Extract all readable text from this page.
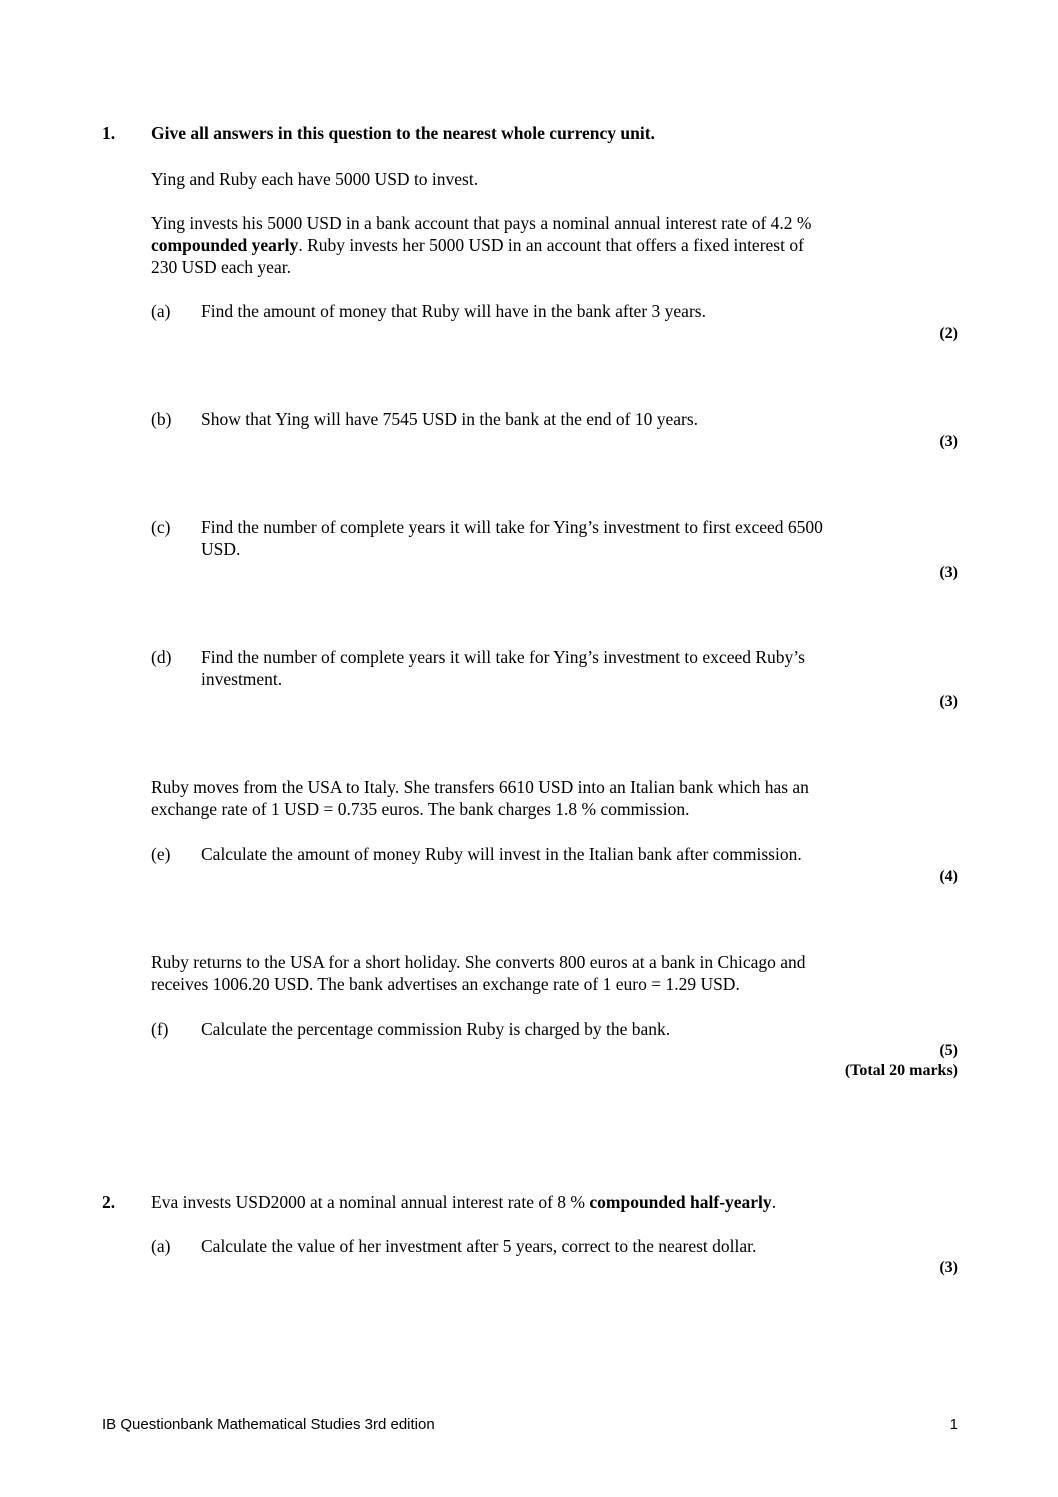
1. Give all answers in this question to the nearest whole currency unit.
Ying and Ruby each have 5000 USD to invest.
Ying invests his 5000 USD in a bank account that pays a nominal annual interest rate of 4.2 %
compounded yearly. Ruby invests her 5000 USD in an account that offers a fixed interest of
230 USD each year.
(a) Find the amount of money that Ruby will have in the bank after 3 years.
(2)
(b) Show that Ying will have 7545 USD in the bank at the end of 10 years.
(3)
(c) Find the number of complete years it will take for Ying’s investment to first exceed 6500
USD.
(3)
(d) Find the number of complete years it will take for Ying’s investment to exceed Ruby’s
investment.
(3)
Ruby moves from the USA to Italy. She transfers 6610 USD into an Italian bank which has an
exchange rate of 1 USD = 0.735 euros. The bank charges 1.8 % commission.
(e) Calculate the amount of money Ruby will invest in the Italian bank after commission.
(4)
Ruby returns to the USA for a short holiday. She converts 800 euros at a bank in Chicago and
receives 1006.20 USD. The bank advertises an exchange rate of 1 euro = 1.29 USD.
(f) Calculate the percentage commission Ruby is charged by the bank.
(5)
(Total 20 marks)
2. Eva invests USD2000 at a nominal annual interest rate of 8 % compounded half-yearly.
(a) Calculate the value of her investment after 5 years, correct to the nearest dollar.
(3)
IB Questionbank Mathematical Studies 3rd edition	1
